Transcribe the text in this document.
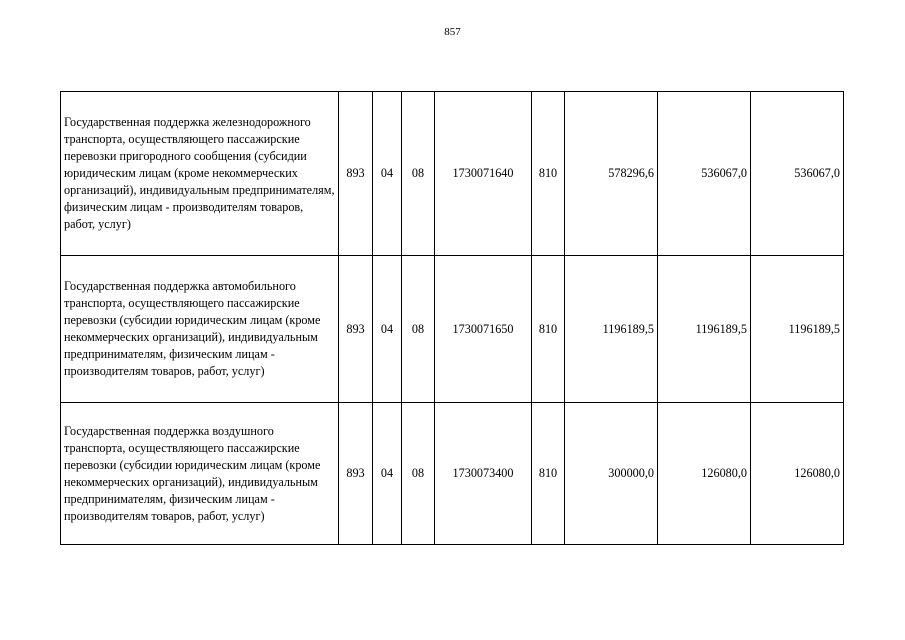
857
Государственная поддержка железнодорожного транспорта, осуществляющего пассажирские перевозки пригородного сообщения (субсидии юридическим лицам (кроме некоммерческих организаций), индивидуальным предпринимателям, физическим лицам - производителям товаров, работ, услуг)	893	04	08	1730071640	810	578296,6	536067,0	536067,0
Государственная поддержка автомобильного транспорта, осуществляющего пассажирские перевозки (субсидии юридическим лицам (кроме некоммерческих организаций), индивидуальным предпринимателям, физическим лицам - производителям товаров, работ, услуг)	893	04	08	1730071650	810	1196189,5	1196189,5	1196189,5
Государственная поддержка воздушного транспорта, осуществляющего пассажирские перевозки (субсидии юридическим лицам (кроме некоммерческих организаций), индивидуальным предпринимателям, физическим лицам - производителям товаров, работ, услуг)	893	04	08	1730073400	810	300000,0	126080,0	126080,0
